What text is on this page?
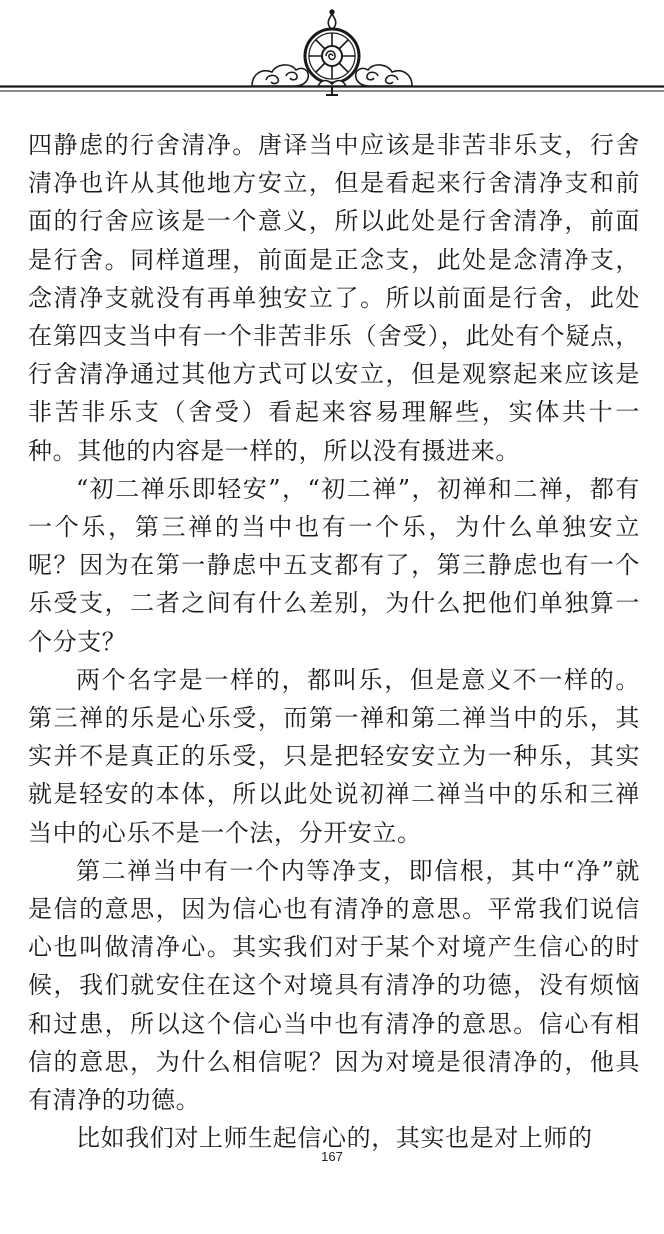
四静虑的行舍清净。唐译当中应该是非苦非乐支，行舍清净也许从其他地方安立，但是看起来行舍清净支和前面的行舍应该是一个意义，所以此处是行舍清净，前面是行舍。同样道理，前面是正念支，此处是念清净支，念清净支就没有再单独安立了。所以前面是行舍，此处在第四支当中有一个非苦非乐（舍受），此处有个疑点，行舍清净通过其他方式可以安立，但是观察起来应该是非苦非乐支（舍受）看起来容易理解些，实体共十一种。其他的内容是一样的，所以没有摄进来。

“初二禅乐即轻安”，“初二禅”，初禅和二禅，都有一个乐，第三禅的当中也有一个乐，为什么单独安立呢？因为在第一静虑中五支都有了，第三静虑也有一个乐受支，二者之间有什么差别，为什么把他们单独算一个分支？

两个名字是一样的，都叫乐，但是意义不一样的。第三禅的乐是心乐受，而第一禅和第二禅当中的乐，其实并不是真正的乐受，只是把轻安安立为一种乐，其实就是轻安的本体，所以此处说初禅二禅当中的乐和三禅当中的心乐不是一个法，分开安立。

第二禅当中有一个内等净支，即信根，其中“净”就是信的意思，因为信心也有清净的意思。平常我们说信心也叫做清净心。其实我们对于某个对境产生信心的时候，我们就安住在这个对境具有清净的功德，没有烦恼和过患，所以这个信心当中也有清净的意思。信心有相信的意思，为什么相信呢？因为对境是很清净的，他具有清净的功德。

比如我们对上师生起信心的，其实也是对上师的

167
